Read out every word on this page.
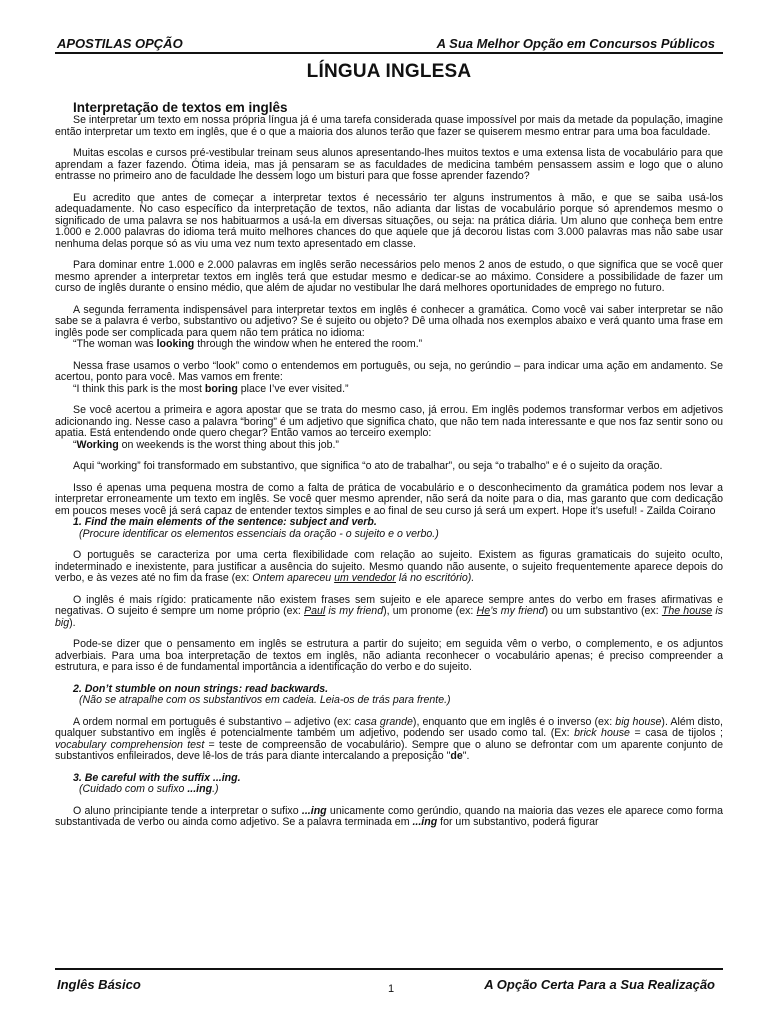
APOSTILAS OPÇÃO	A Sua Melhor Opção em Concursos Públicos
LÍNGUA INGLESA
Interpretação de textos em inglês

Se interpretar um texto em nossa própria língua já é uma tarefa considerada quase impossível por mais da metade da população, imagine então interpretar um texto em inglês, que é o que a maioria dos alunos terão que fazer se quiserem mesmo entrar para uma boa faculdade.

Muitas escolas e cursos pré-vestibular treinam seus alunos apresentando-lhes muitos textos e uma extensa lista de vocabulário para que aprendam a fazer fazendo. Ótima ideia, mas já pensaram se as faculdades de medicina também pensassem assim e logo que o aluno entrasse no primeiro ano de faculdade lhe dessem logo um bisturi para que fosse aprender fazendo?

Eu acredito que antes de começar a interpretar textos é necessário ter alguns instrumentos à mão, e que se saiba usá-los adequadamente. No caso específico da interpretação de textos, não adianta dar listas de vocabulário porque só aprendemos mesmo o significado de uma palavra se nos habituarmos a usá-la em diversas situações, ou seja: na prática diária. Um aluno que conheça bem entre 1.000 e 2.000 palavras do idioma terá muito melhores chances do que aquele que já decorou listas com 3.000 palavras mas não sabe usar nenhuma delas porque só as viu uma vez num texto apresentado em classe.

Para dominar entre 1.000 e 2.000 palavras em inglês serão necessários pelo menos 2 anos de estudo, o que significa que se você quer mesmo aprender a interpretar textos em inglês terá que estudar mesmo e dedicar-se ao máximo. Considere a possibilidade de fazer um curso de inglês durante o ensino médio, que além de ajudar no vestibular lhe dará melhores oportunidades de emprego no futuro.

A segunda ferramenta indispensável para interpretar textos em inglês é conhecer a gramática. Como você vai saber interpretar se não sabe se a palavra é verbo, substantivo ou adjetivo? Se é sujeito ou objeto? Dê uma olhada nos exemplos abaixo e verá quanto uma frase em inglês pode ser complicada para quem não tem prática no idioma:

“The woman was looking through the window when he entered the room.”

Nessa frase usamos o verbo “look” como o entendemos em português, ou seja, no gerúndio – para indicar uma ação em andamento. Se acertou, ponto para você. Mas vamos em frente:

“I think this park is the most boring place I’ve ever visited.”

Se você acertou a primeira e agora apostar que se trata do mesmo caso, já errou. Em inglês podemos transformar verbos em adjetivos adicionando ing. Nesse caso a palavra “boring” é um adjetivo que significa chato, que não tem nada interessante e que nos faz sentir sono ou apatia. Está entendendo onde quero chegar? Então vamos ao terceiro exemplo:

“Working on weekends is the worst thing about this job.”

Aqui “working” foi transformado em substantivo, que significa “o ato de trabalhar”, ou seja “o trabalho” e é o sujeito da oração.

Isso é apenas uma pequena mostra de como a falta de prática de vocabulário e o desconhecimento da gramática podem nos levar a interpretar erroneamente um texto em inglês. Se você quer mesmo aprender, não será da noite para o dia, mas garanto que com dedicação em poucos meses você já será capaz de entender textos simples e ao final de seu curso já será um expert. Hope it’s useful! - Zailda Coirano

1. Find the main elements of the sentence: subject and verb.
(Procure identificar os elementos essenciais da oração - o sujeito e o verbo.)

O português se caracteriza por uma certa flexibilidade com relação ao sujeito. Existem as figuras gramaticais do sujeito oculto, indeterminado e inexistente, para justificar a ausência do sujeito. Mesmo quando não ausente, o sujeito frequentemente aparece depois do verbo, e às vezes até no fim da frase (ex: Ontem apareceu um vendedor lá no escritório).

O inglês é mais rígido: praticamente não existem frases sem sujeito e ele aparece sempre antes do verbo em frases afirmativas e negativas. O sujeito é sempre um nome próprio (ex: Paul is my friend), um pronome (ex: He’s my friend) ou um substantivo (ex: The house is big).

Pode-se dizer que o pensamento em inglês se estrutura a partir do sujeito; em seguida vêm o verbo, o complemento, e os adjuntos adverbiais. Para uma boa interpretação de textos em inglês, não adianta reconhecer o vocabulário apenas; é preciso compreender a estrutura, e para isso é de fundamental importância a identificação do verbo e do sujeito.

2. Don’t stumble on noun strings: read backwards.
(Não se atrapalhe com os substantivos em cadeia. Leia-os de trás para frente.)

A ordem normal em português é substantivo – adjetivo (ex: casa grande), enquanto que em inglês é o inverso (ex: big house). Além disto, qualquer substantivo em inglês é potencialmente também um adjetivo, podendo ser usado como tal. (Ex: brick house = casa de tijolos ; vocabulary comprehension test = teste de compreensão de vocabulário). Sempre que o aluno se defrontar com um aparente conjunto de substantivos enfileirados, deve lê-los de trás para diante intercalando a preposição "de".

3. Be careful with the suffix ...ing.
(Cuidado com o sufixo ...ing.)

O aluno principiante tende a interpretar o sufixo ...ing unicamente como gerúndio, quando na maioria das vezes ele aparece como forma substantivada de verbo ou ainda como adjetivo. Se a palavra terminada em ...ing for um substantivo, poderá figurar

Inglês Básico	1	A Opção Certa Para a Sua Realização
